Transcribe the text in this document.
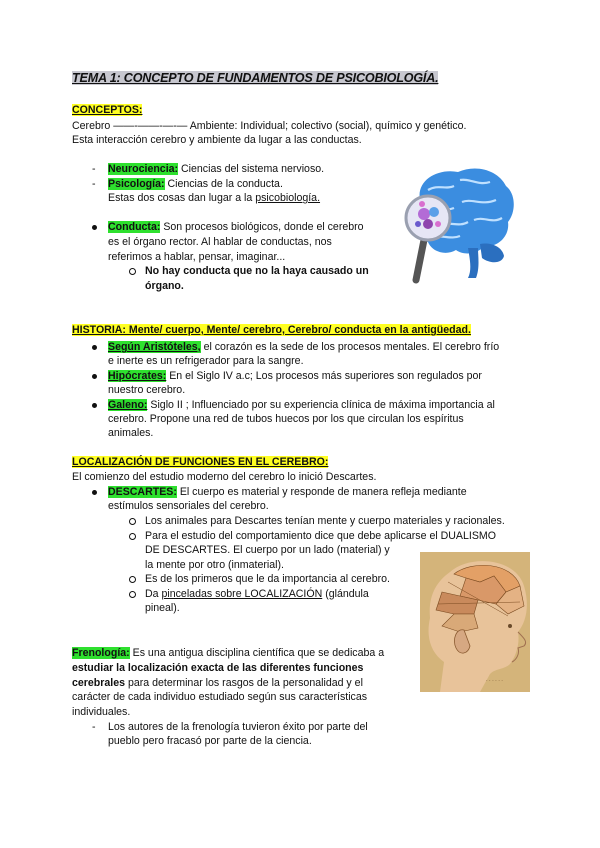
TEMA 1: CONCEPTO DE FUNDAMENTOS DE PSICOBIOLOGÍA.
CONCEPTOS:
Cerebro ——-——-—-— Ambiente: Individual; colectivo (social), químico y genético.
Esta interacción cerebro y ambiente da lugar a las conductas.
- Neurociencia: Ciencias del sistema nervioso.
- Psicología: Ciencias de la conducta.
Estas dos cosas dan lugar a la psicobiología.
Conducta: Son procesos biológicos, donde el cerebro
es el órgano rector. Al hablar de conductas, nos
referimos a hablar, pensar, imaginar...
No hay conducta que no la haya causado un
órgano.
HISTORIA: Mente/ cuerpo, Mente/ cerebro, Cerebro/ conducta en la antigüedad.
Según Aristóteles, el corazón es la sede de los procesos mentales. El cerebro frío
e inerte es un refrigerador para la sangre.
Hipócrates: En el Siglo IV a.c; Los procesos más superiores son regulados por
nuestro cerebro.
Galeno: Siglo II ; Influenciado por su experiencia clínica de máxima importancia al
cerebro. Propone una red de tubos huecos por los que circulan los espíritus
animales.
LOCALIZACIÓN DE FUNCIONES EN EL CEREBRO:
El comienzo del estudio moderno del cerebro lo inició Descartes.
DESCARTES: El cuerpo es material y responde de manera refleja mediante
estímulos sensoriales del cerebro.
Los animales para Descartes tenían mente y cuerpo materiales y racionales.
Para el estudio del comportamiento dice que debe aplicarse el DUALISMO
DE DESCARTES. El cuerpo por un lado (material) y
la mente por otro (inmaterial).
Es de los primeros que le da importancia al cerebro.
Da pinceladas sobre LOCALIZACIÓN (glándula
pineal).
· · · · · ·
Frenología: Es una antigua disciplina científica que se dedicaba a
estudiar la localización exacta de las diferentes funciones
cerebrales para determinar los rasgos de la personalidad y el
carácter de cada individuo estudiado según sus características
individuales.
- Los autores de la frenología tuvieron éxito por parte del
pueblo pero fracasó por parte de la ciencia.
